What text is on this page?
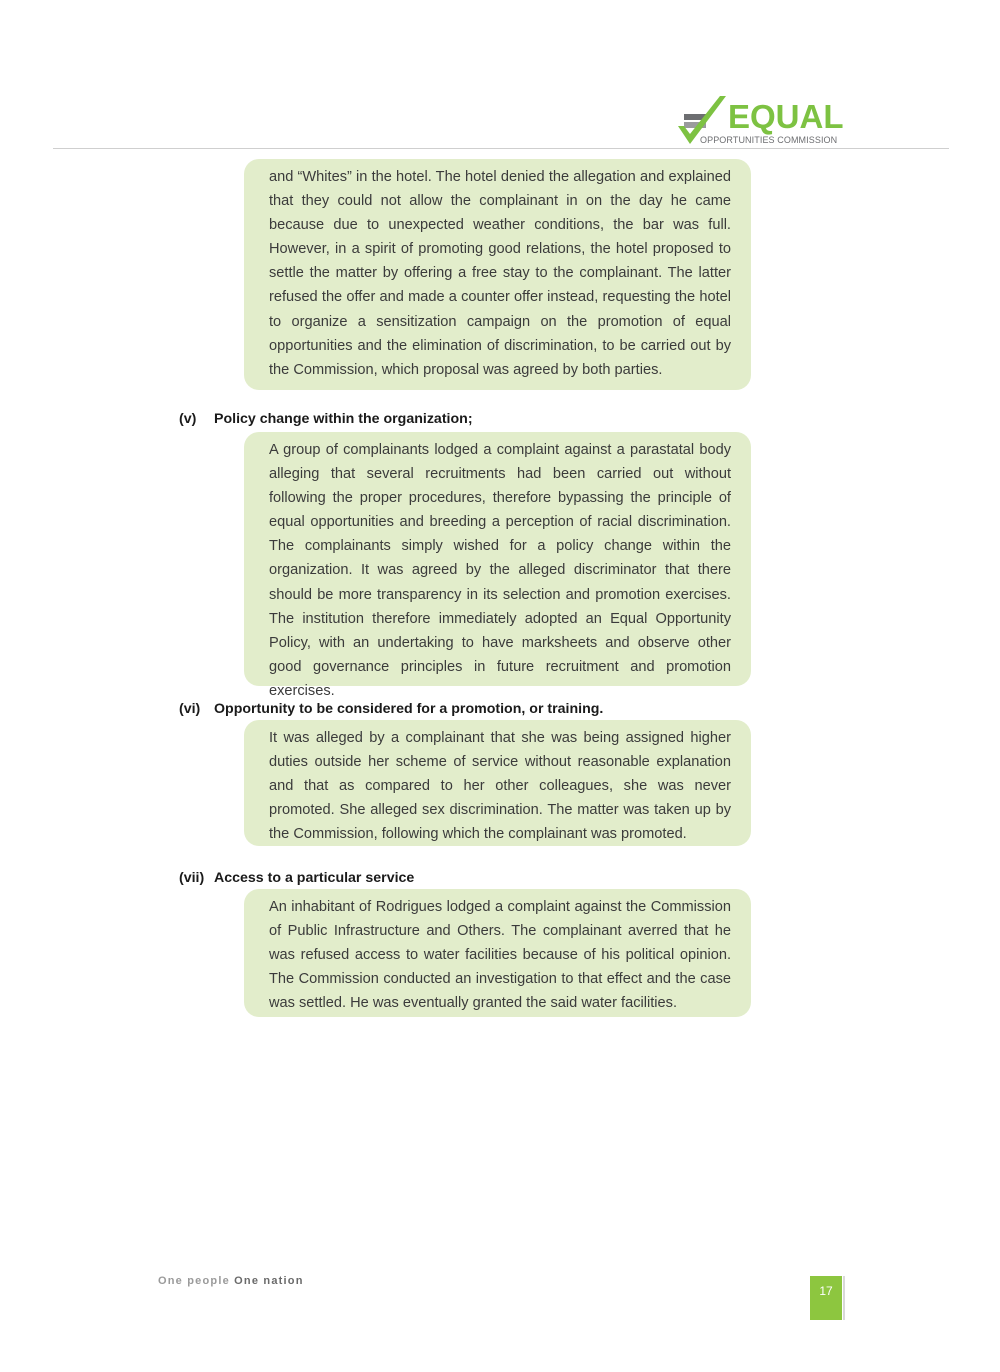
EQUAL
OPPORTUNITIES COMMISSION

and “Whites” in the hotel. The hotel denied the allegation and explained that they could not allow the complainant in on the day he came because due to unexpected weather conditions, the bar was full. However, in a spirit of promoting good relations, the hotel proposed to settle the matter by offering a free stay to the complainant. The latter refused the offer and made a counter offer instead, requesting the hotel to organize a sensitization campaign on the promotion of equal opportunities and the elimination of discrimination, to be carried out by the Commission, which proposal was agreed by both parties.

(v) Policy change within the organization;

A group of complainants lodged a complaint against a parastatal body alleging that several recruitments had been carried out without following the proper procedures, therefore bypassing the principle of equal opportunities and breeding a perception of racial discrimination. The complainants simply wished for a policy change within the organization. It was agreed by the alleged discriminator that there should be more transparency in its selection and promotion exercises. The institution therefore immediately adopted an Equal Opportunity Policy, with an undertaking to have marksheets and observe other good governance principles in future recruitment and promotion exercises.

(vi) Opportunity to be considered for a promotion, or training.

It was alleged by a complainant that she was being assigned higher duties outside her scheme of service without reasonable explanation and that as compared to her other colleagues, she was never promoted. She alleged sex discrimination. The matter was taken up by the Commission, following which the complainant was promoted.

(vii) Access to a particular service

An inhabitant of Rodrigues lodged a complaint against the Commission of Public Infrastructure and Others. The complainant averred that he was refused access to water facilities because of his political opinion. The Commission conducted an investigation to that effect and the case was settled. He was eventually granted the said water facilities.

One people One nation
17
